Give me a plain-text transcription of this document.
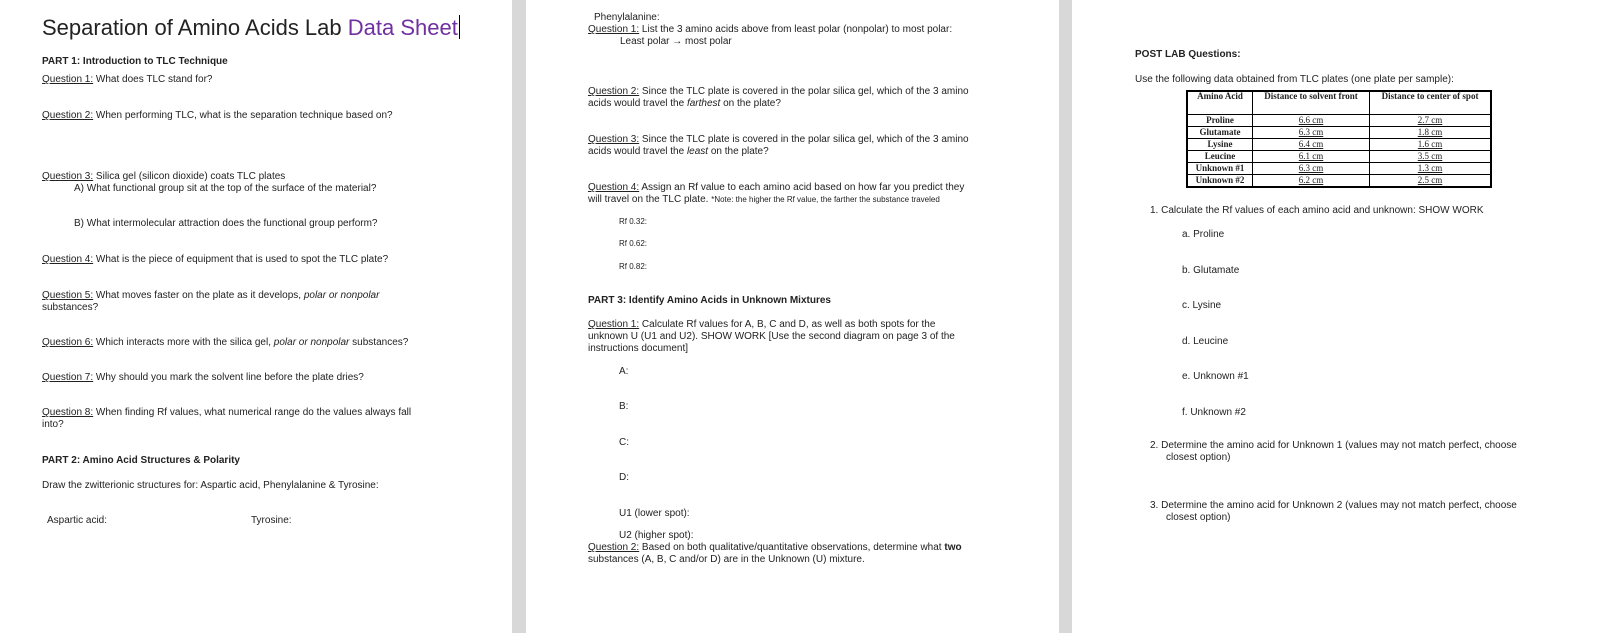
Separation of Amino Acids Lab Data Sheet
PART 1: Introduction to TLC Technique
Question 1: What does TLC stand for?
Question 2: When performing TLC, what is the separation technique based on?
Question 3: Silica gel (silicon dioxide) coats TLC plates
A) What functional group sit at the top of the surface of the material?
B) What intermolecular attraction does the functional group perform?
Question 4: What is the piece of equipment that is used to spot the TLC plate?
Question 5: What moves faster on the plate as it develops, polar or nonpolar
substances?
Question 6: Which interacts more with the silica gel, polar or nonpolar substances?
Question 7: Why should you mark the solvent line before the plate dries?
Question 8: When finding Rf values, what numerical range do the values always fall
into?
PART 2: Amino Acid Structures & Polarity
Draw the zwitterionic structures for: Aspartic acid, Phenylalanine & Tyrosine:
Aspartic acid:	Tyrosine:
Phenylalanine:
Question 1: List the 3 amino acids above from least polar (nonpolar) to most polar:
Least polar → most polar
Question 2: Since the TLC plate is covered in the polar silica gel, which of the 3 amino
acids would travel the farthest on the plate?
Question 3: Since the TLC plate is covered in the polar silica gel, which of the 3 amino
acids would travel the least on the plate?
Question 4: Assign an Rf value to each amino acid based on how far you predict they
will travel on the TLC plate. *Note: the higher the Rf value, the farther the substance traveled
Rf 0.32:
Rf 0.62:
Rf 0.82:
PART 3: Identify Amino Acids in Unknown Mixtures
Question 1: Calculate Rf values for A, B, C and D, as well as both spots for the
unknown U (U1 and U2). SHOW WORK [Use the second diagram on page 3 of the
instructions document]
A:
B:
C:
D:
U1 (lower spot):
U2 (higher spot):
Question 2: Based on both qualitative/quantitative observations, determine what two
substances (A, B, C and/or D) are in the Unknown (U) mixture.
POST LAB Questions:
Use the following data obtained from TLC plates (one plate per sample):
Amino Acid	Distance to solvent front	Distance to center of spot
Proline	6.6 cm	2.7 cm
Glutamate	6.3 cm	1.8 cm
Lysine	6.4 cm	1.6 cm
Leucine	6.1 cm	3.5 cm
Unknown #1	6.3 cm	1.3 cm
Unknown #2	6.2 cm	2.5 cm
1. Calculate the Rf values of each amino acid and unknown: SHOW WORK
a. Proline
b. Glutamate
c. Lysine
d. Leucine
e. Unknown #1
f. Unknown #2
2. Determine the amino acid for Unknown 1 (values may not match perfect, choose
closest option)
3. Determine the amino acid for Unknown 2 (values may not match perfect, choose
closest option)
